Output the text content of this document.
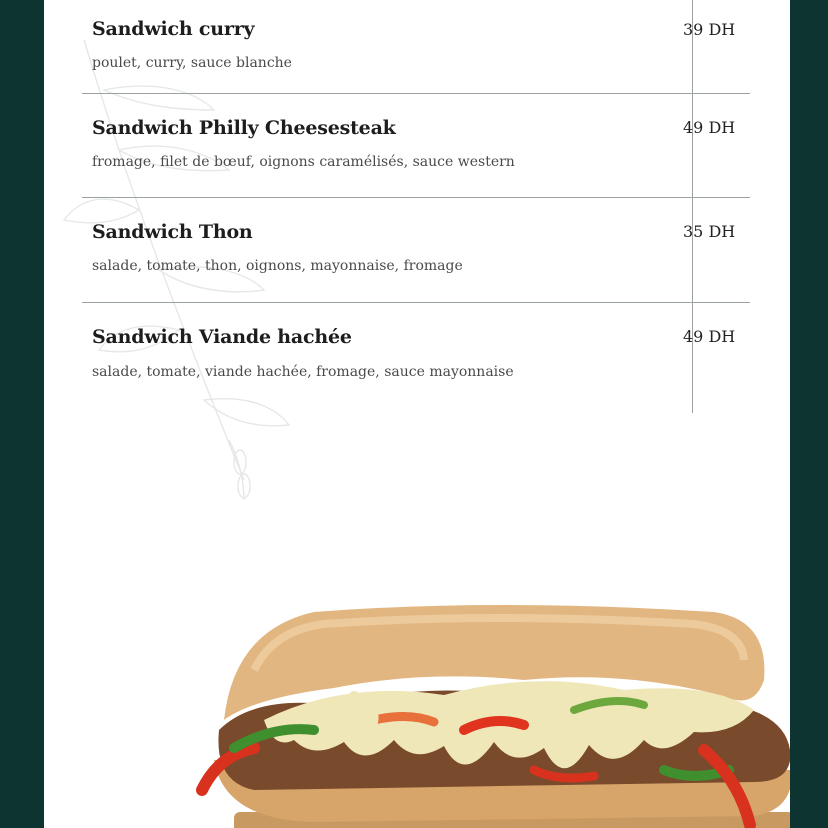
Sandwich curry
poulet, curry, sauce blanche
39 DH
Sandwich Philly Cheesesteak
fromage, filet de bœuf, oignons caramélisés, sauce western
49 DH
Sandwich Thon
salade, tomate, thon, oignons, mayonnaise, fromage
35 DH
Sandwich Viande hachée
salade, tomate, viande hachée, fromage, sauce mayonnaise
49 DH
